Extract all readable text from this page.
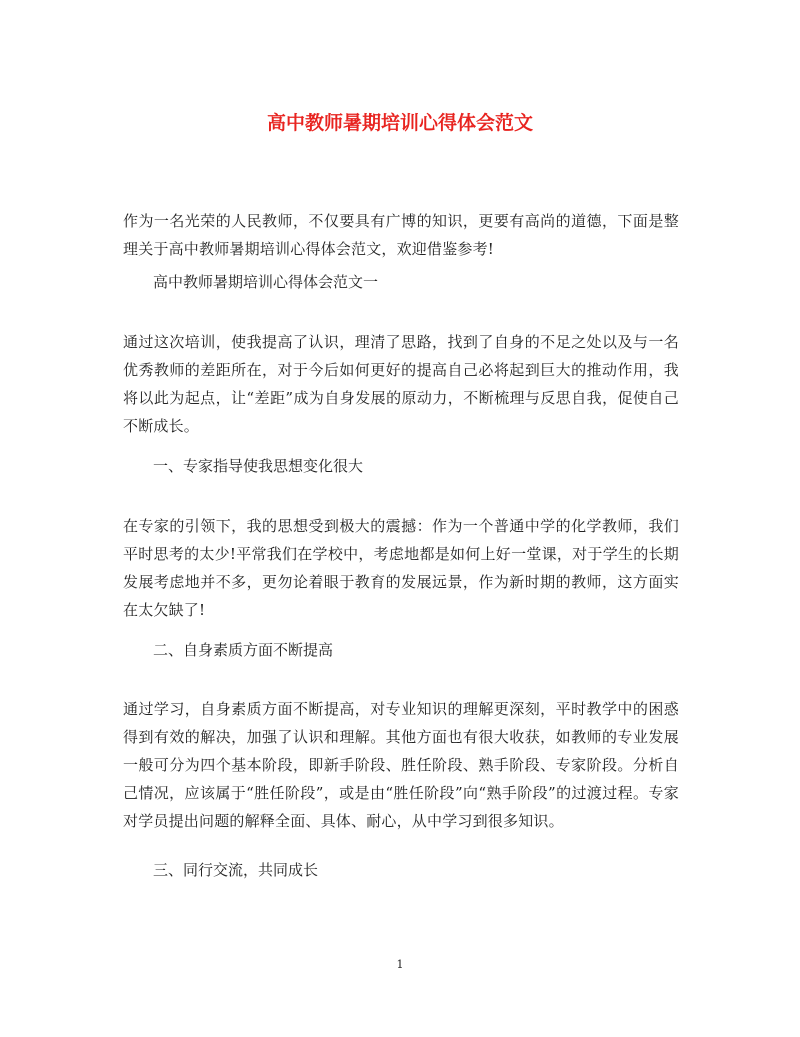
高中教师暑期培训心得体会范文

作为一名光荣的人民教师，不仅要具有广博的知识，更要有高尚的道德，下面是整理关于高中教师暑期培训心得体会范文，欢迎借鉴参考!

高中教师暑期培训心得体会范文一

通过这次培训，使我提高了认识，理清了思路，找到了自身的不足之处以及与一名优秀教师的差距所在，对于今后如何更好的提高自己必将起到巨大的推动作用，我将以此为起点，让“差距”成为自身发展的原动力，不断梳理与反思自我，促使自己不断成长。

一、专家指导使我思想变化很大

在专家的引领下，我的思想受到极大的震撼：作为一个普通中学的化学教师，我们平时思考的太少!平常我们在学校中，考虑地都是如何上好一堂课，对于学生的长期发展考虑地并不多，更勿论着眼于教育的发展远景，作为新时期的教师，这方面实在太欠缺了!

二、自身素质方面不断提高

通过学习，自身素质方面不断提高，对专业知识的理解更深刻，平时教学中的困惑得到有效的解决，加强了认识和理解。其他方面也有很大收获，如教师的专业发展一般可分为四个基本阶段，即新手阶段、胜任阶段、熟手阶段、专家阶段。分析自己情况，应该属于“胜任阶段”，或是由“胜任阶段”向“熟手阶段”的过渡过程。专家对学员提出问题的解释全面、具体、耐心，从中学习到很多知识。

三、同行交流，共同成长
1
